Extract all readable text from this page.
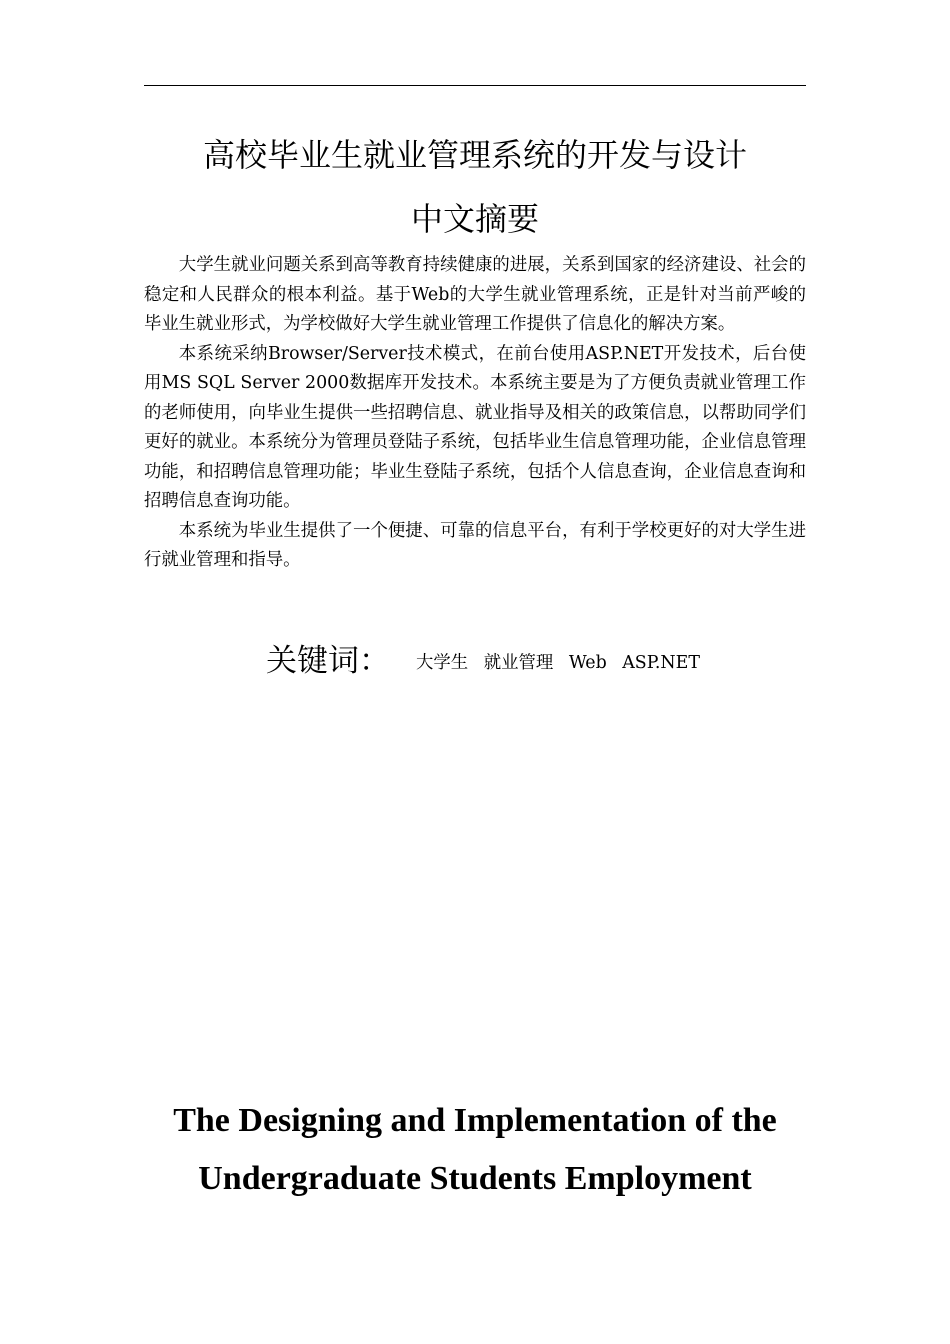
高校毕业生就业管理系统的开发与设计
中文摘要

大学生就业问题关系到高等教育持续健康的进展，关系到国家的经济建设、社会的稳定和人民群众的根本利益。基于Web的大学生就业管理系统，正是针对当前严峻的毕业生就业形式，为学校做好大学生就业管理工作提供了信息化的解决方案。

本系统采纳Browser/Server技术模式，在前台使用ASP.NET开发技术，后台使用MS SQL Server 2000数据库开发技术。本系统主要是为了方便负责就业管理工作的老师使用，向毕业生提供一些招聘信息、就业指导及相关的政策信息，以帮助同学们更好的就业。本系统分为管理员登陆子系统，包括毕业生信息管理功能，企业信息管理功能，和招聘信息管理功能；毕业生登陆子系统，包括个人信息查询，企业信息查询和招聘信息查询功能。

本系统为毕业生提供了一个便捷、可靠的信息平台，有利于学校更好的对大学生进行就业管理和指导。

关键词： 大学生 就业管理 Web ASP.NET
The Designing and Implementation of the
Undergraduate Students Employment
